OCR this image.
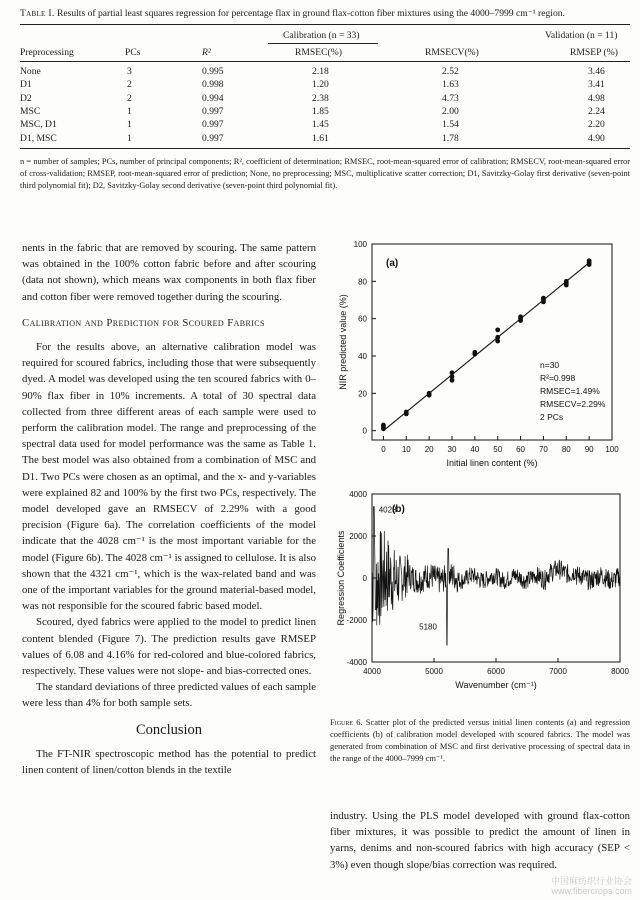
Table I. Results of partial least squares regression for percentage flax in ground flax-cotton fiber mixtures using the 4000–7999 cm⁻¹ region.
Calibration (n = 33)	Validation (n = 11)
Preprocessing	PCs	R²	RMSEC(%)	RMSECV(%)	RMSEP (%)
None	3	0.995	2.18	2.52	3.46
D1	2	0.998	1.20	1.63	3.41
D2	2	0.994	2.38	4.73	4.98
MSC	1	0.997	1.85	2.00	2.24
MSC, D1	1	0.997	1.45	1.54	2.20
D1, MSC	1	0.997	1.61	1.78	4.90
n = number of samples; PCs, number of principal components; R², coefficient of determination; RMSEC, root-mean-squared error of calibration; RMSECV, root-mean-squared error of cross-validation; RMSEP, root-mean-squared error of prediction; None, no preprocessing; MSC, multiplicative scatter correction; D1, Savitzky-Golay first derivative (seven-point third polynomial fit); D2, Savitzky-Golay second derivative (seven-point third polynomial fit).

nents in the fabric that are removed by scouring. The same pattern was obtained in the 100% cotton fabric before and after scouring (data not shown), which means wax components in both flax fiber and cotton fiber were removed together during the scouring.

Calibration and Prediction for Scoured Fabrics

For the results above, an alternative calibration model was required for scoured fabrics, including those that were subsequently dyed. A model was developed using the ten scoured fabrics with 0–90% flax fiber in 10% increments. A total of 30 spectral data collected from three different areas of each sample were used to perform the calibration model. The range and preprocessing of the spectral data used for model performance was the same as Table 1. The best model was also obtained from a combination of MSC and D1. Two PCs were chosen as an optimal, and the x- and y-variables were explained 82 and 100% by the first two PCs, respectively. The model developed gave an RMSECV of 2.29% with a good precision (Figure 6a). The correlation coefficients of the model indicate that the 4028 cm⁻¹ is the most important variable for the model (Figure 6b). The 4028 cm⁻¹ is assigned to cellulose. It is also shown that the 4321 cm⁻¹, which is the wax-related band and was one of the important variables for the ground material-based model, was not responsible for the scoured fabric based model.

Scoured, dyed fabrics were applied to the model to predict linen content blended (Figure 7). The prediction results gave RMSEP values of 6.08 and 4.16% for red-colored and blue-colored fabrics, respectively. These values were not slope- and bias-corrected ones.

The standard deviations of three predicted values of each sample were less than 4% for both sample sets.

Conclusion

The FT-NIR spectroscopic method has the potential to predict linen content of linen/cotton blends in the textile

0 10 20 30 40 50 60 70 80 90 100
0
20
40
60
80
100
(a)
Initial linen content (%)
NIR predicted value (%)	n=30
R²=0.998
RMSEC=1.49%
RMSECV=2.29%
2 PCs
4000	5000	6000	7000	8000
-4000
-2000
0
2000
4000
(b)
Wavenumber (cm⁻¹)
Regression Coefficients
4028
5180
Figure 6. Scatter plot of the predicted versus initial linen contents (a) and regression coefficients (b) of calibration model developed with scoured fabrics. The model was generated from combination of MSC and first derivative processing of spectral data in the range of the 4000–7999 cm⁻¹.

industry. Using the PLS model developed with ground flax-cotton fiber mixtures, it was possible to predict the amount of linen in yarns, denims and non-scoured fabrics with high accuracy (SEP < 3%) even though slope/bias correction was required.

中国麻纺织行业协会
www.fibercrops.com
